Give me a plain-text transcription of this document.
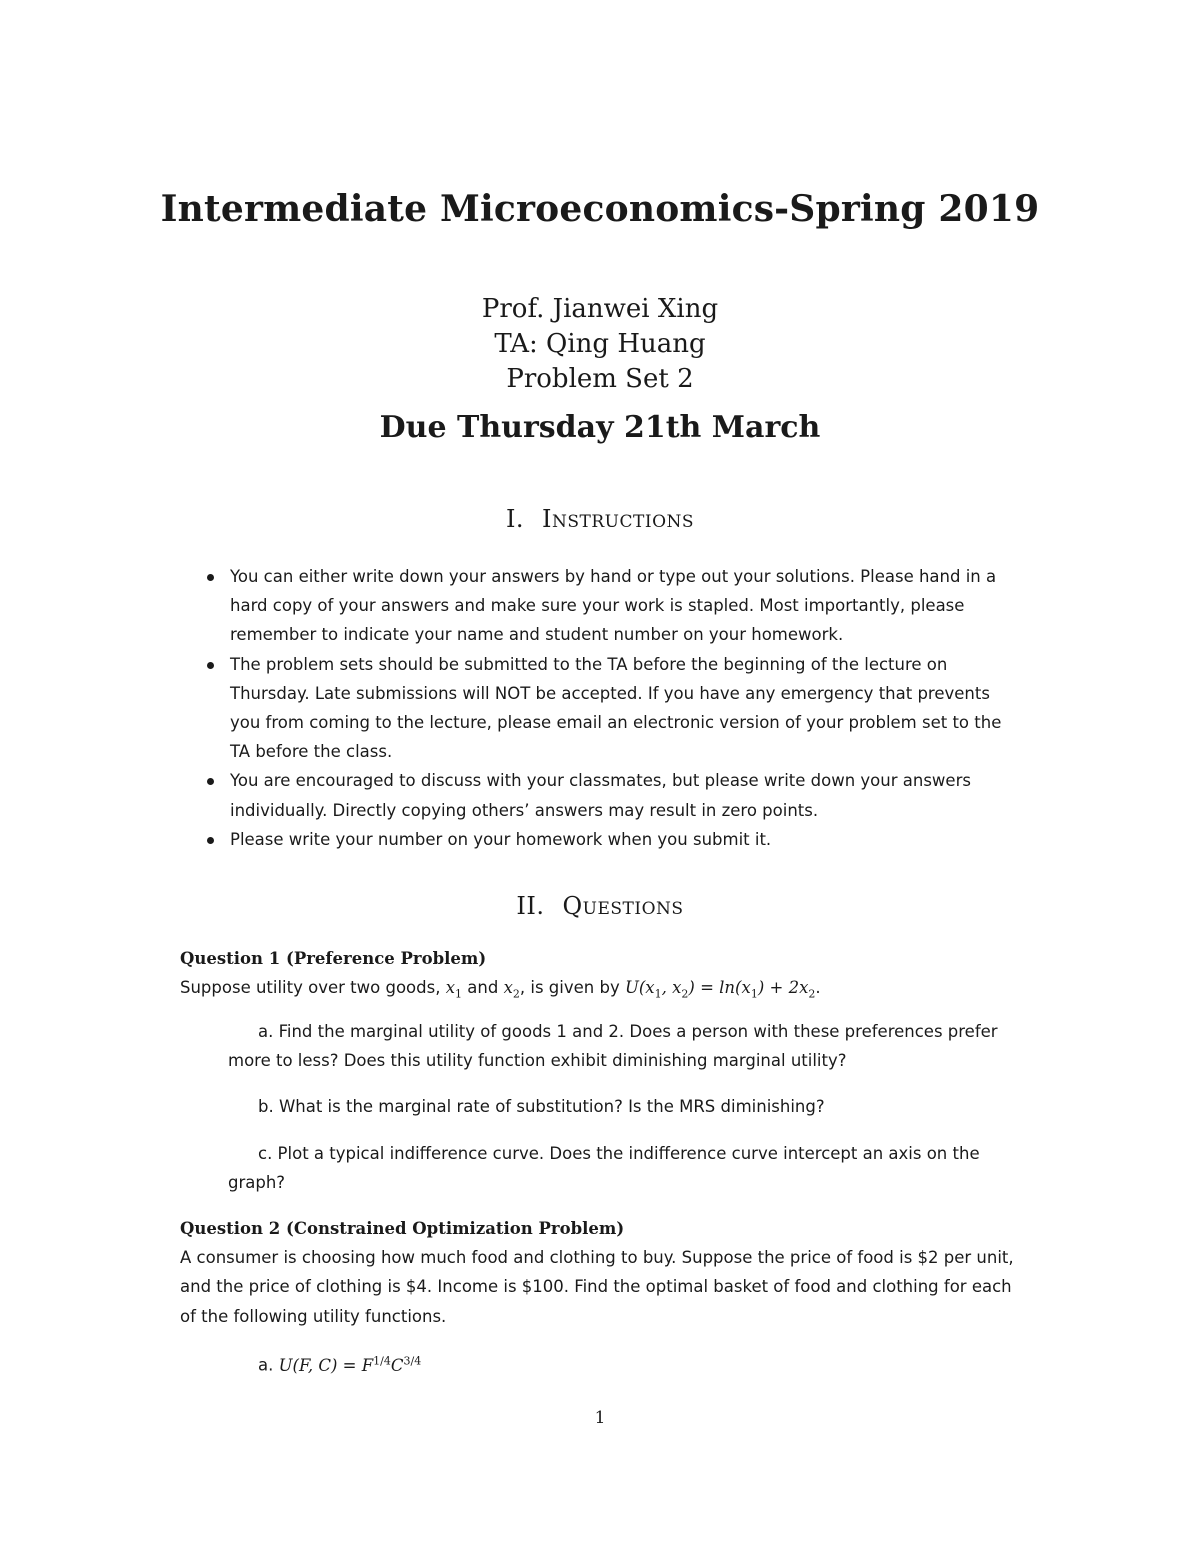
Intermediate Microeconomics-Spring 2019
Prof. Jianwei Xing
TA: Qing Huang
Problem Set 2
Due Thursday 21th March
I. Instructions
You can either write down your answers by hand or type out your solutions. Please hand in a hard copy of your answers and make sure your work is stapled. Most importantly, please remember to indicate your name and student number on your homework.
The problem sets should be submitted to the TA before the beginning of the lecture on Thursday. Late submissions will NOT be accepted. If you have any emergency that prevents you from coming to the lecture, please email an electronic version of your problem set to the TA before the class.
You are encouraged to discuss with your classmates, but please write down your answers individually. Directly copying others’ answers may result in zero points.
Please write your number on your homework when you submit it.
II. Questions
Question 1 (Preference Problem)
Suppose utility over two goods, $x_1$ and $x_2$, is given by $U(x_1$, $x_2) = \ln(x_1) + 2x_2$.
a. Find the marginal utility of goods 1 and 2. Does a person with these preferences prefer more to less? Does this utility function exhibit diminishing marginal utility?
b. What is the marginal rate of substitution? Is the MRS diminishing?
c. Plot a typical indifference curve. Does the indifference curve intercept an axis on the graph?
Question 2 (Constrained Optimization Problem)
A consumer is choosing how much food and clothing to buy. Suppose the price of food is $2 per unit, and the price of clothing is $4. Income is $100. Find the optimal basket of food and clothing for each of the following utility functions.
a. U(F, $C) = F^{1/4}C^{3/4}$
1
